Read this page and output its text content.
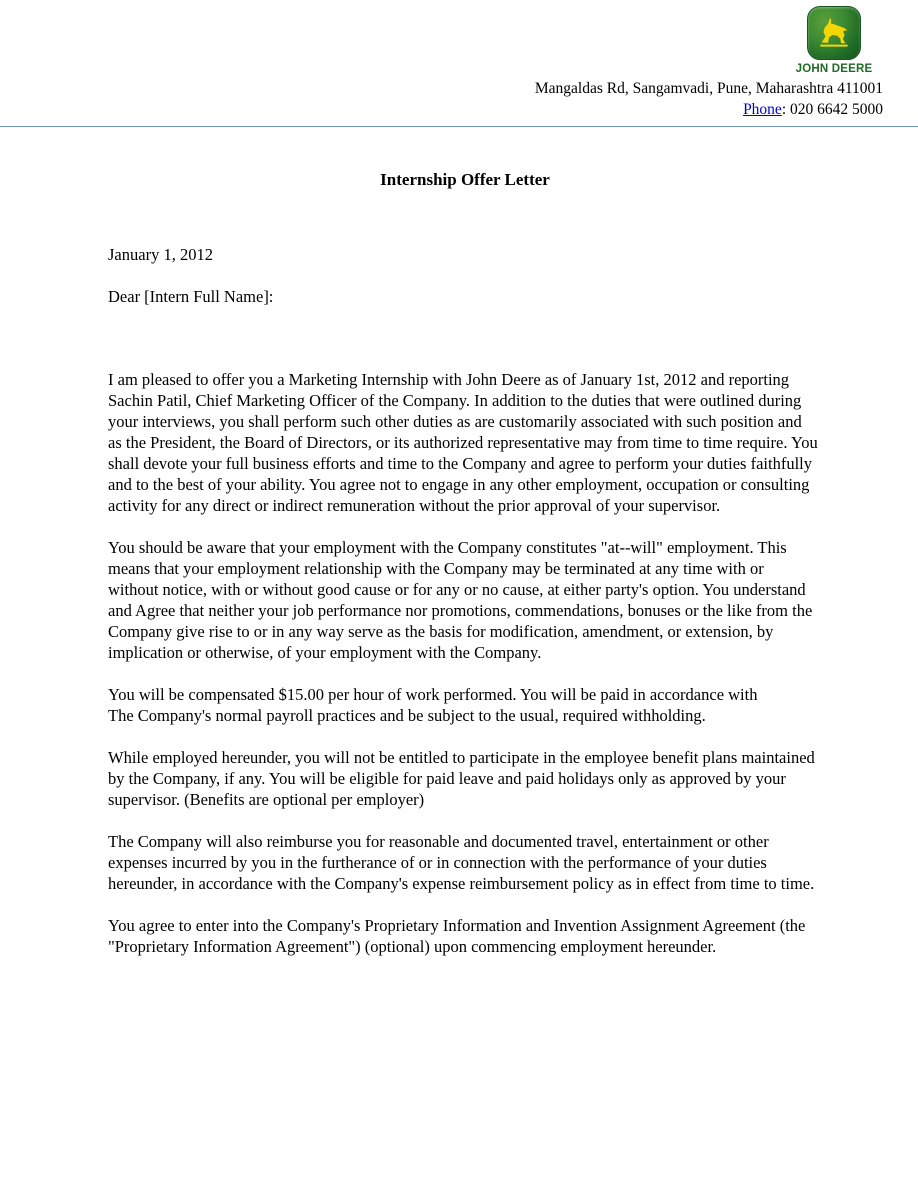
JOHN DEERE
Mangaldas Rd, Sangamvadi, Pune, Maharashtra 411001
Phone: 020 6642 5000
Internship Offer Letter

January 1, 2012

Dear [Intern Full Name]:

I am pleased to offer you a Marketing Internship with John Deere as of January 1st, 2012 and reporting Sachin Patil, Chief Marketing Officer of the Company. In addition to the duties that were outlined during your interviews, you shall perform such other duties as are customarily associated with such position and as the President, the Board of Directors, or its authorized representative may from time to time require. You shall devote your full business efforts and time to the Company and agree to perform your duties faithfully and to the best of your ability. You agree not to engage in any other employment, occupation or consulting activity for any direct or indirect remuneration without the prior approval of your supervisor.

You should be aware that your employment with the Company constitutes "at--will" employment. This means that your employment relationship with the Company may be terminated at any time with or without notice, with or without good cause or for any or no cause, at either party's option. You understand and Agree that neither your job performance nor promotions, commendations, bonuses or the like from the Company give rise to or in any way serve as the basis for modification, amendment, or extension, by implication or otherwise, of your employment with the Company.

You will be compensated $15.00 per hour of work performed. You will be paid in accordance with
The Company's normal payroll practices and be subject to the usual, required withholding.

While employed hereunder, you will not be entitled to participate in the employee benefit plans maintained by the Company, if any. You will be eligible for paid leave and paid holidays only as approved by your supervisor. (Benefits are optional per employer)

The Company will also reimburse you for reasonable and documented travel, entertainment or other expenses incurred by you in the furtherance of or in connection with the performance of your duties hereunder, in accordance with the Company's expense reimbursement policy as in effect from time to time.

You agree to enter into the Company's Proprietary Information and Invention Assignment Agreement (the "Proprietary Information Agreement") (optional) upon commencing employment hereunder.
